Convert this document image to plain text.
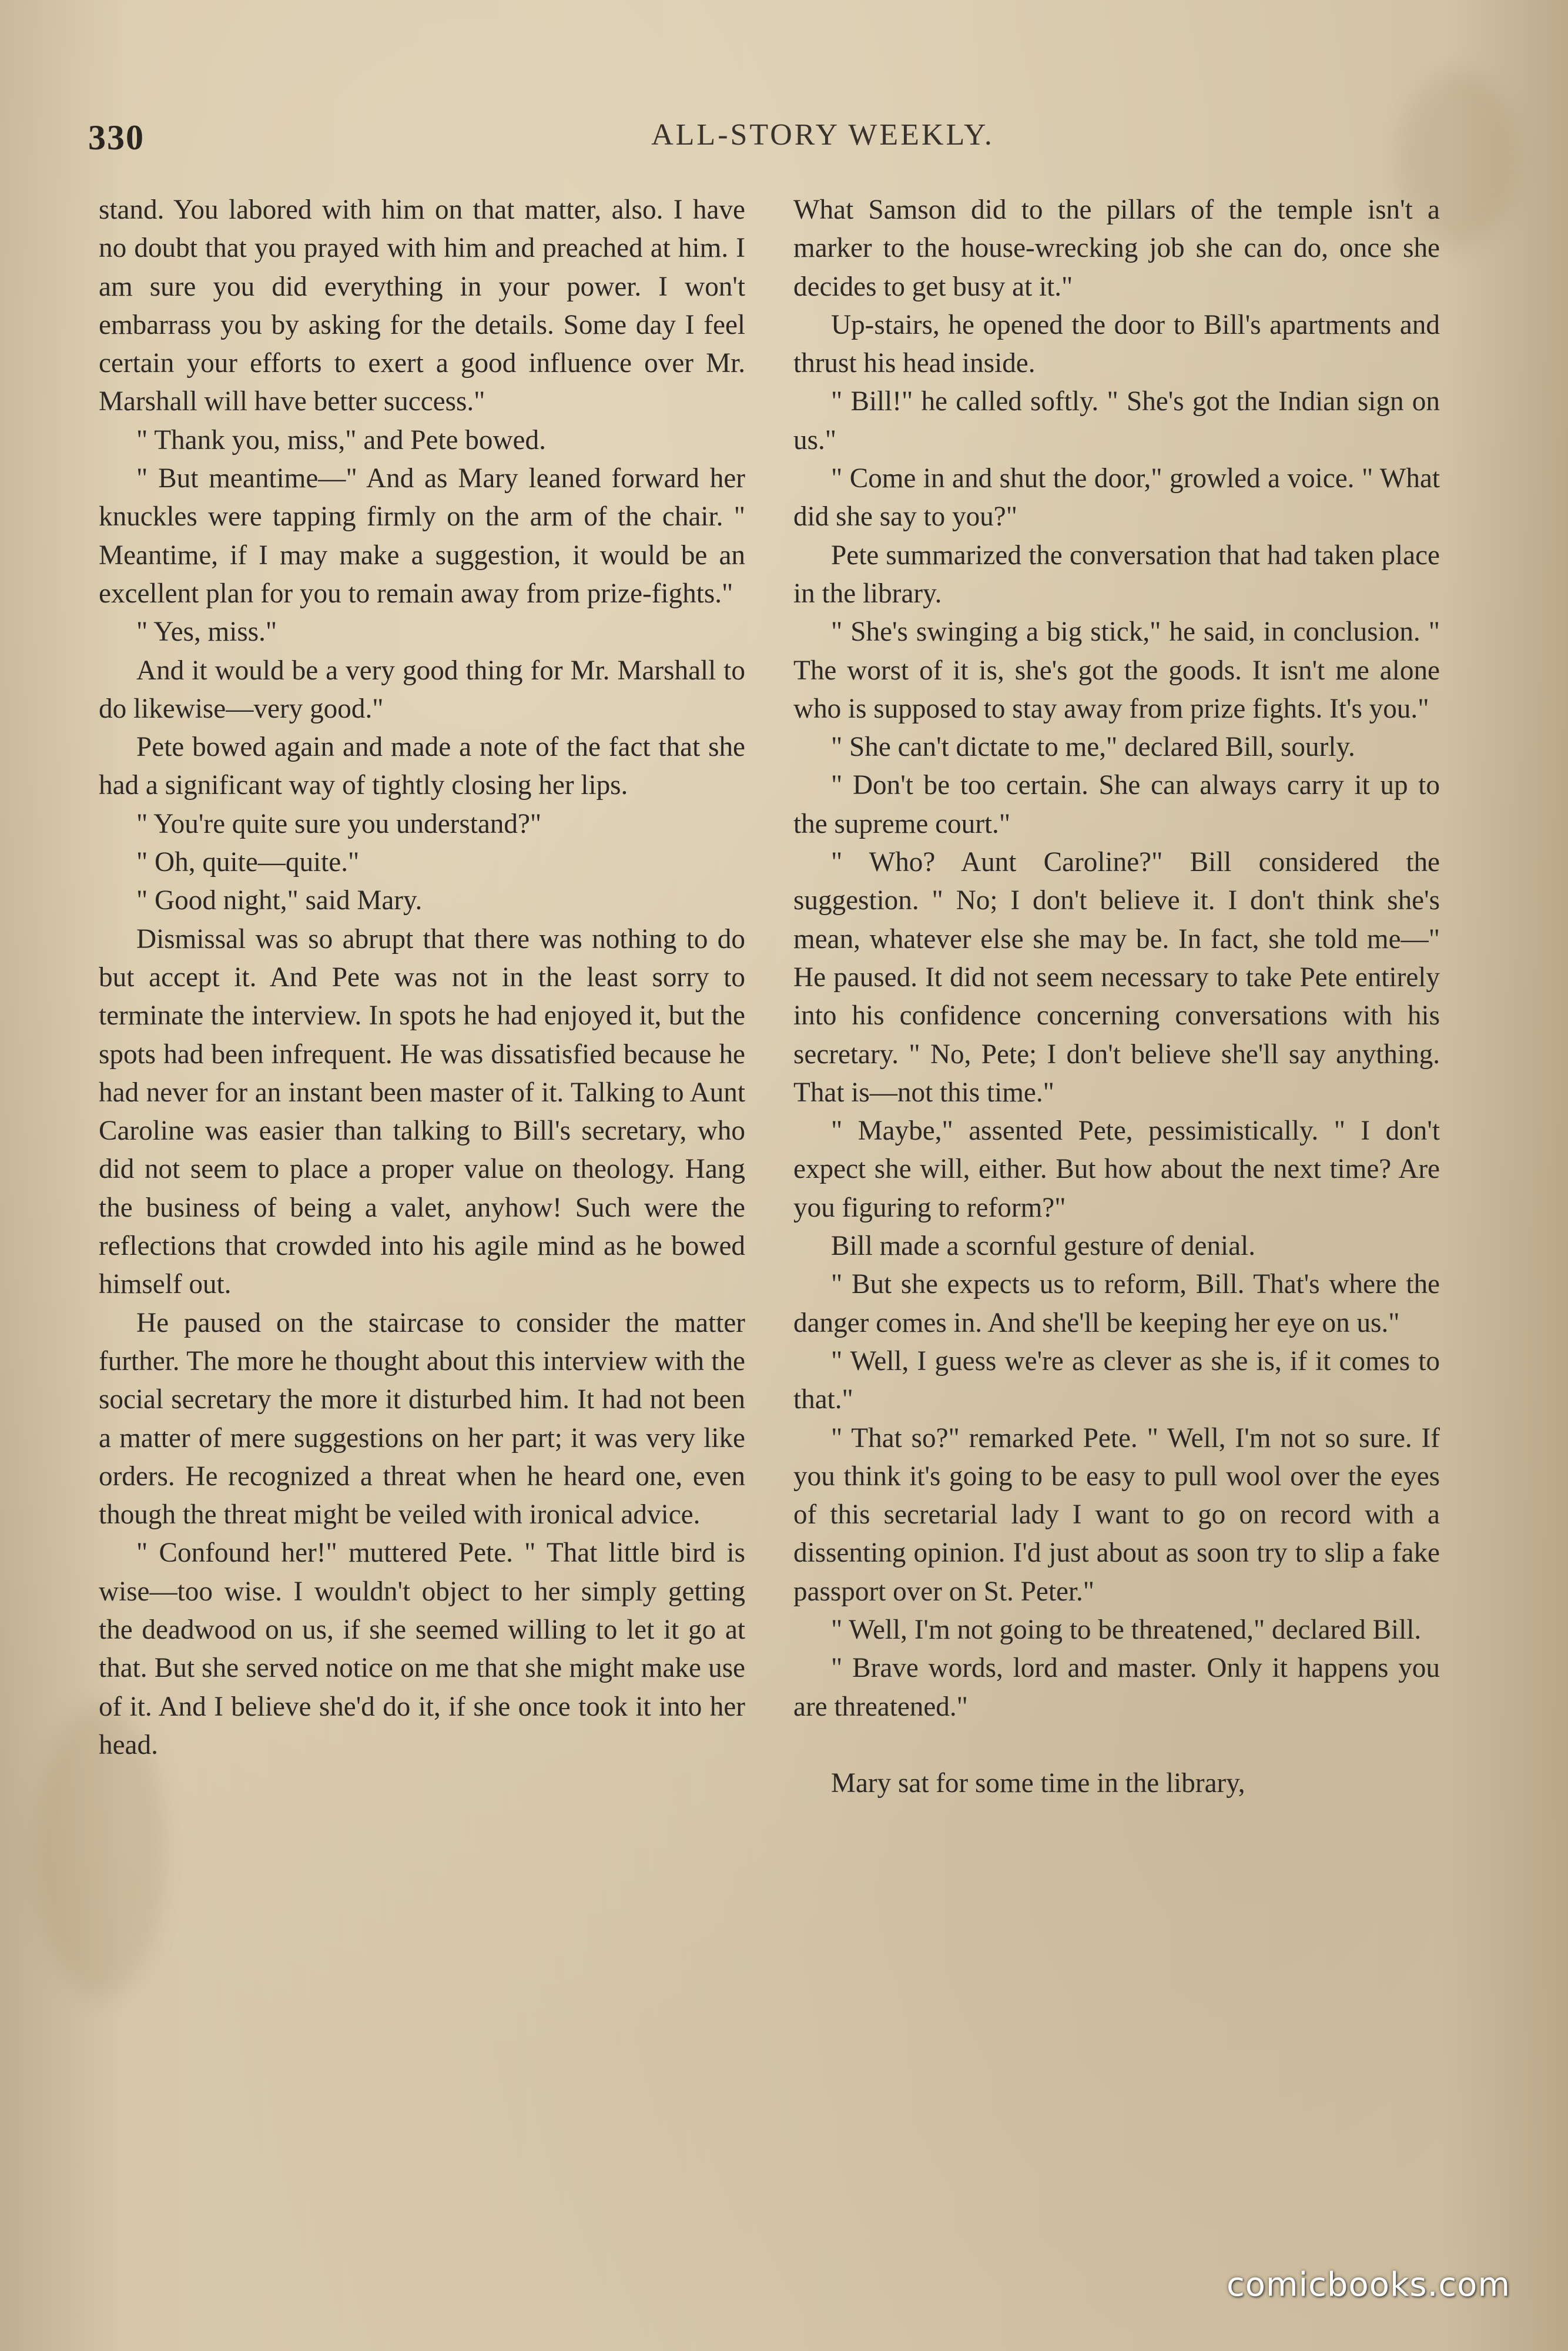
330	ALL-STORY WEEKLY.

stand. You labored with him on that matter, also. I have no doubt that you prayed with him and preached at him. I am sure you did everything in your power. I won't embarrass you by asking for the details. Some day I feel certain your efforts to exert a good influence over Mr. Marshall will have better success."

" Thank you, miss," and Pete bowed.

" But meantime—" And as Mary leaned forward her knuckles were tapping firmly on the arm of the chair. " Meantime, if I may make a suggestion, it would be an excellent plan for you to remain away from prize-fights."

" Yes, miss."

And it would be a very good thing for Mr. Marshall to do likewise—very good."

Pete bowed again and made a note of the fact that she had a significant way of tightly closing her lips.

" You're quite sure you understand?"

" Oh, quite—quite."

" Good night," said Mary.

Dismissal was so abrupt that there was nothing to do but accept it. And Pete was not in the least sorry to terminate the interview. In spots he had enjoyed it, but the spots had been infrequent. He was dissatisfied because he had never for an instant been master of it. Talking to Aunt Caroline was easier than talking to Bill's secretary, who did not seem to place a proper value on theology. Hang the business of being a valet, anyhow! Such were the reflections that crowded into his agile mind as he bowed himself out.

He paused on the staircase to consider the matter further. The more he thought about this interview with the social secretary the more it disturbed him. It had not been a matter of mere suggestions on her part; it was very like orders. He recognized a threat when he heard one, even though the threat might be veiled with ironical advice.

" Confound her!" muttered Pete. " That little bird is wise—too wise. I wouldn't object to her simply getting the deadwood on us, if she seemed willing to let it go at that. But she served notice on me that she might make use of it. And I believe she'd do it, if she once took it into her head.

What Samson did to the pillars of the temple isn't a marker to the house-wrecking job she can do, once she decides to get busy at it."

Up-stairs, he opened the door to Bill's apartments and thrust his head inside.

" Bill!" he called softly. " She's got the Indian sign on us."

" Come in and shut the door," growled a voice. " What did she say to you?"

Pete summarized the conversation that had taken place in the library.

" She's swinging a big stick," he said, in conclusion. " The worst of it is, she's got the goods. It isn't me alone who is supposed to stay away from prize fights. It's you."

" She can't dictate to me," declared Bill, sourly.

" Don't be too certain. She can always carry it up to the supreme court."

" Who? Aunt Caroline?" Bill considered the suggestion. " No; I don't believe it. I don't think she's mean, whatever else she may be. In fact, she told me—" He paused. It did not seem necessary to take Pete entirely into his confidence concerning conversations with his secretary. " No, Pete; I don't believe she'll say anything. That is—not this time."

" Maybe," assented Pete, pessimistically. " I don't expect she will, either. But how about the next time? Are you figuring to reform?"

Bill made a scornful gesture of denial.

" But she expects us to reform, Bill. That's where the danger comes in. And she'll be keeping her eye on us."

" Well, I guess we're as clever as she is, if it comes to that."

" That so?" remarked Pete. " Well, I'm not so sure. If you think it's going to be easy to pull wool over the eyes of this secretarial lady I want to go on record with a dissenting opinion. I'd just about as soon try to slip a fake passport over on St. Peter."

" Well, I'm not going to be threatened," declared Bill.

" Brave words, lord and master. Only it happens you are threatened."

Mary sat for some time in the library,

comicbooks.com
